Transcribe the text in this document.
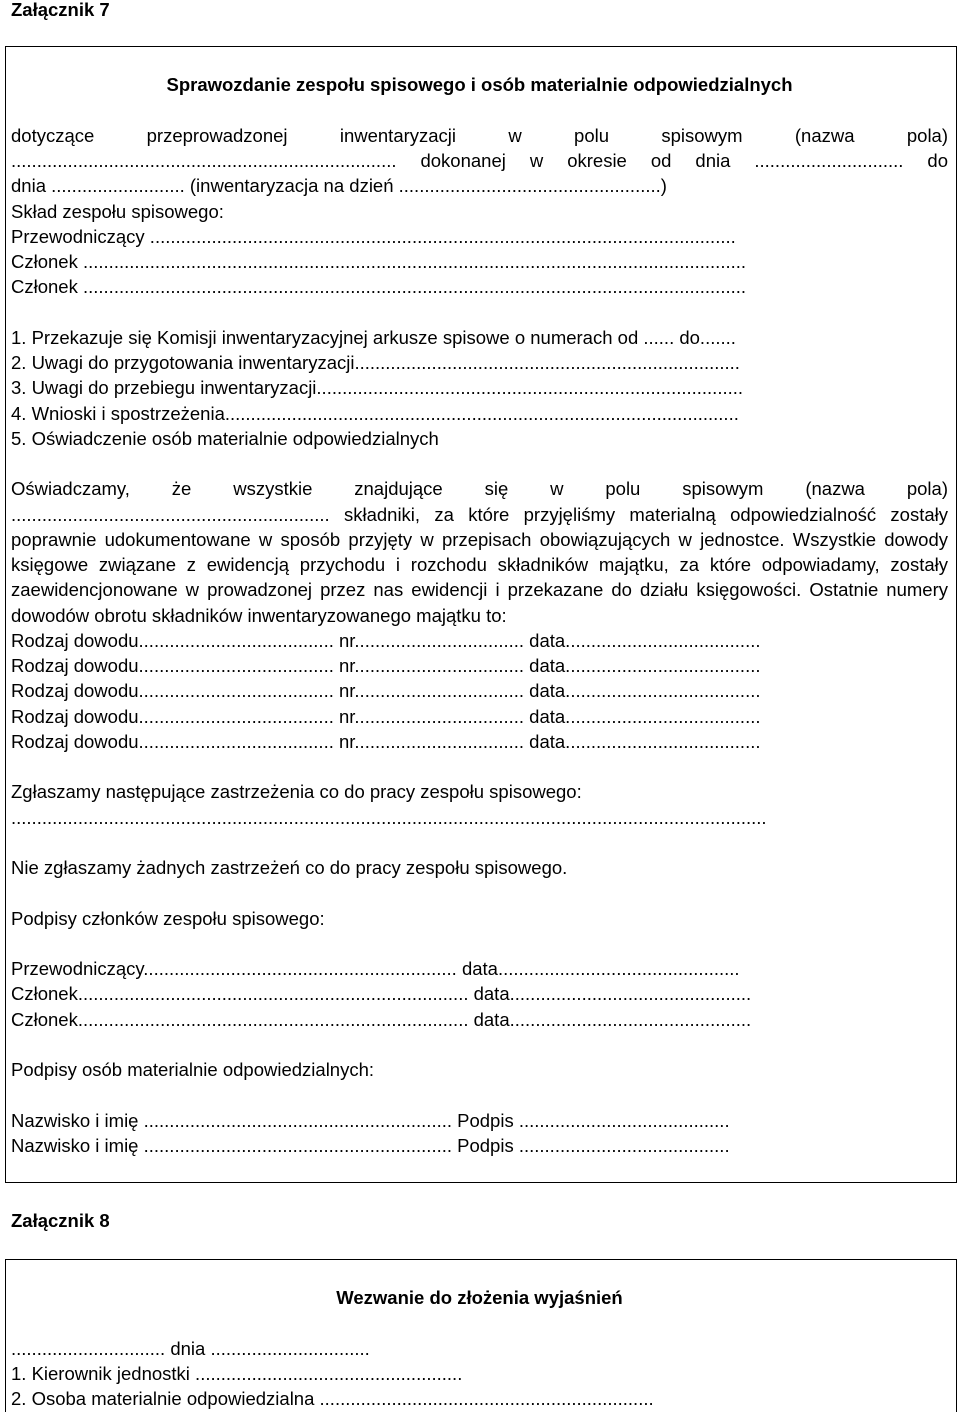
Załącznik 7
Sprawozdanie zespołu spisowego i osób materialnie odpowiedzialnych
dotyczące przeprowadzonej inwentaryzacji w polu spisowym (nazwa pola)
........................................................................... dokonanej w okresie od dnia ............................. do
dnia .......................... (inwentaryzacja na dzień ...................................................)
Skład zespołu spisowego:
Przewodniczący ..................................................................................................................
Członek .................................................................................................................................
Członek .................................................................................................................................
1. Przekazuje się Komisji inwentaryzacyjnej arkusze spisowe o numerach od ...... do.......
2. Uwagi do przygotowania inwentaryzacji...........................................................................
3. Uwagi do przebiegu inwentaryzacji...................................................................................
4. Wnioski i spostrzeżenia....................................................................................................
5. Oświadczenie osób materialnie odpowiedzialnych
Oświadczamy, że wszystkie znajdujące się w polu spisowym (nazwa pola)
.............................................................. składniki, za które przyjęliśmy materialną odpowiedzialność zostały
poprawnie udokumentowane w sposób przyjęty w przepisach obowiązujących w jednostce. Wszystkie dowody
księgowe związane z ewidencją przychodu i rozchodu składników majątku, za które odpowiadamy, zostały
zaewidencjonowane w prowadzonej przez nas ewidencji i przekazane do działu księgowości. Ostatnie numery
dowodów obrotu składników inwentaryzowanego majątku to:
Rodzaj dowodu...................................... nr................................. data......................................
Rodzaj dowodu...................................... nr................................. data......................................
Rodzaj dowodu...................................... nr................................. data......................................
Rodzaj dowodu...................................... nr................................. data......................................
Rodzaj dowodu...................................... nr................................. data......................................
Zgłaszamy następujące zastrzeżenia co do pracy zespołu spisowego:
...................................................................................................................................................
Nie zgłaszamy żadnych zastrzeżeń co do pracy zespołu spisowego.
Podpisy członków zespołu spisowego:
Przewodniczący............................................................. data...............................................
Członek............................................................................ data...............................................
Członek............................................................................ data...............................................
Podpisy osób materialnie odpowiedzialnych:
Nazwisko i imię ............................................................ Podpis .........................................
Nazwisko i imię ............................................................ Podpis .........................................
Załącznik 8
Wezwanie do złożenia wyjaśnień
.............................. dnia ...............................
1. Kierownik jednostki ....................................................
2. Osoba materialnie odpowiedzialna .................................................................
